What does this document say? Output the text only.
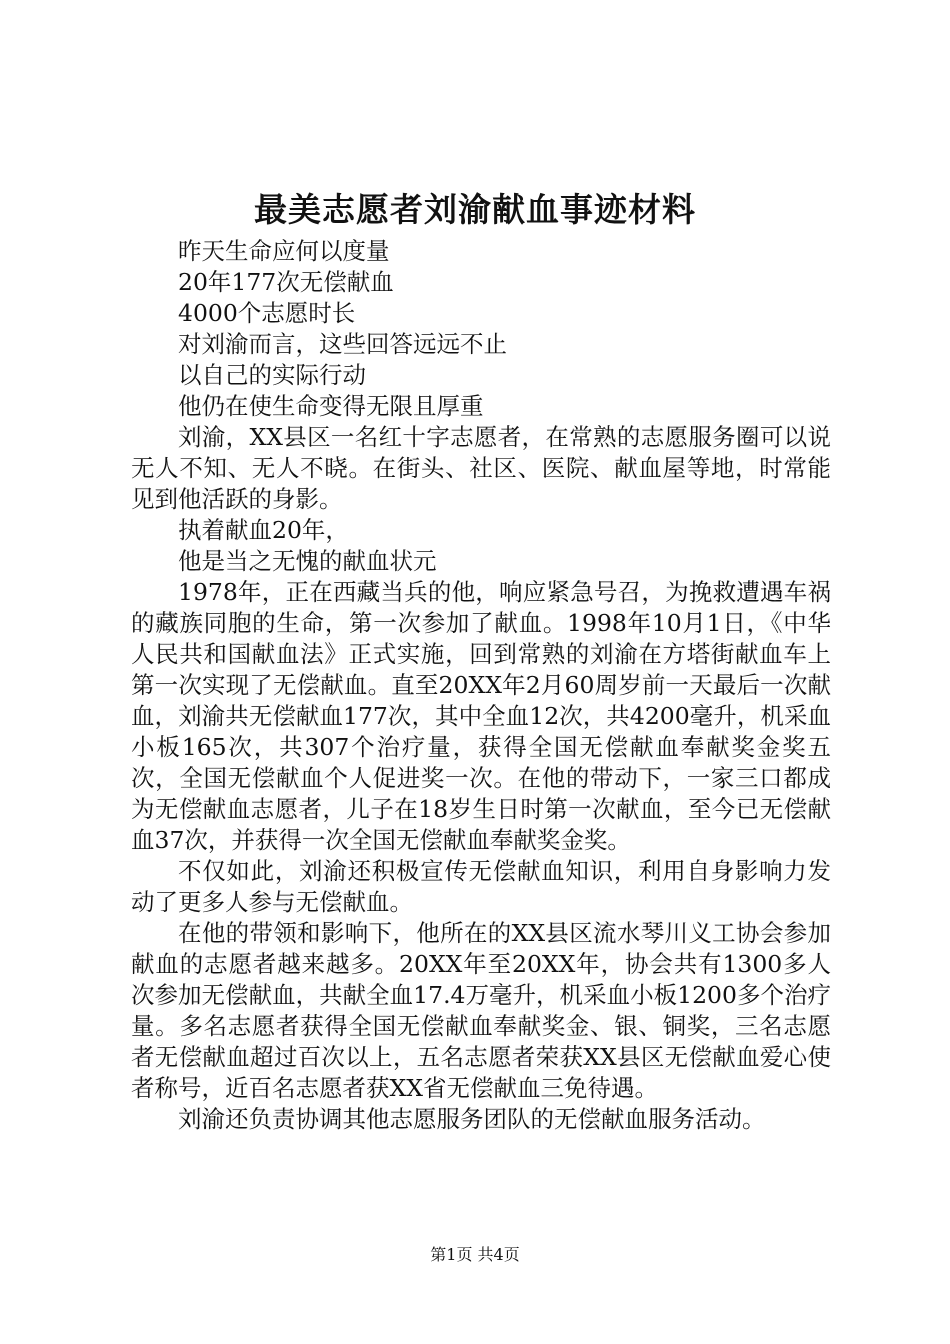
最美志愿者刘渝献血事迹材料

昨天生命应何以度量

20年177次无偿献血

4000个志愿时长

对刘渝而言，这些回答远远不止

以自己的实际行动

他仍在使生命变得无限且厚重

刘渝，XX县区一名红十字志愿者，在常熟的志愿服务圈可以说无人不知、无人不晓。在街头、社区、医院、献血屋等地，时常能见到他活跃的身影。

执着献血20年，

他是当之无愧的献血状元

1978年，正在西藏当兵的他，响应紧急号召，为挽救遭遇车祸的藏族同胞的生命，第一次参加了献血。1998年10月1日，《中华人民共和国献血法》正式实施，回到常熟的刘渝在方塔街献血车上第一次实现了无偿献血。直至20XX年2月60周岁前一天最后一次献血，刘渝共无偿献血177次，其中全血12次，共4200毫升，机采血小板165次，共307个治疗量，获得全国无偿献血奉献奖金奖五次，全国无偿献血个人促进奖一次。在他的带动下，一家三口都成为无偿献血志愿者，儿子在18岁生日时第一次献血，至今已无偿献血37次，并获得一次全国无偿献血奉献奖金奖。

不仅如此，刘渝还积极宣传无偿献血知识，利用自身影响力发动了更多人参与无偿献血。

在他的带领和影响下，他所在的XX县区流水琴川义工协会参加献血的志愿者越来越多。20XX年至20XX年，协会共有1300多人次参加无偿献血，共献全血17.4万毫升，机采血小板1200多个治疗量。多名志愿者获得全国无偿献血奉献奖金、银、铜奖，三名志愿者无偿献血超过百次以上，五名志愿者荣获XX县区无偿献血爱心使者称号，近百名志愿者获XX省无偿献血三免待遇。

刘渝还负责协调其他志愿服务团队的无偿献血服务活动。

第1页 共4页
